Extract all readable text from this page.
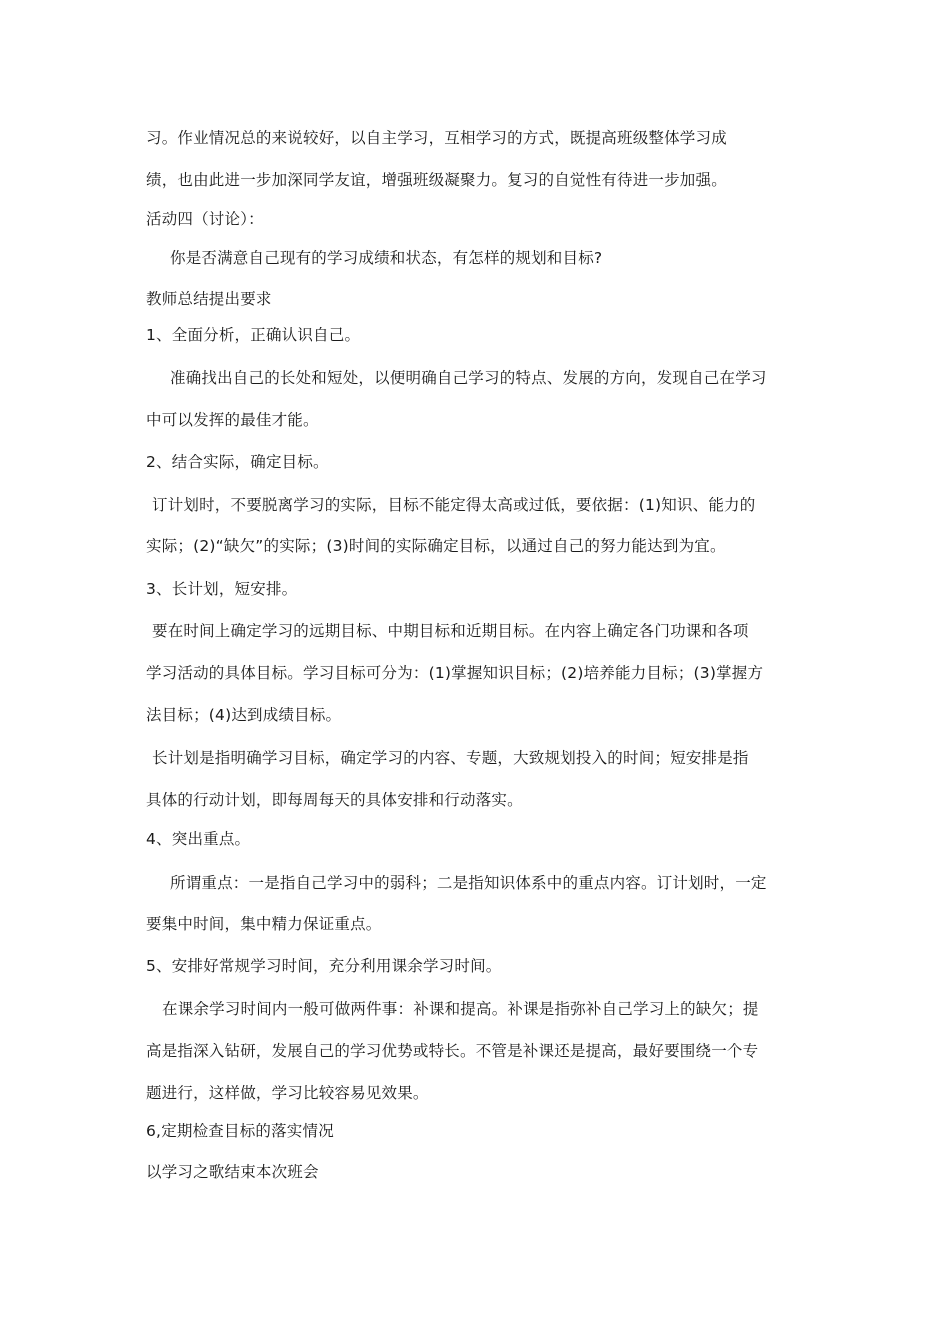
习。作业情况总的来说较好，以自主学习，互相学习的方式，既提高班级整体学习成
绩，也由此进一步加深同学友谊，增强班级凝聚力。复习的自觉性有待进一步加强。
活动四（讨论）：
你是否满意自己现有的学习成绩和状态，有怎样的规划和目标?
教师总结提出要求
1、全面分析，正确认识自己。
准确找出自己的长处和短处，以便明确自己学习的特点、发展的方向，发现自己在学习
中可以发挥的最佳才能。
2、结合实际，确定目标。
订计划时，不要脱离学习的实际，目标不能定得太高或过低，要依据：(1)知识、能力的
实际；(2)“缺欠”的实际；(3)时间的实际确定目标，以通过自己的努力能达到为宜。
3、长计划，短安排。
要在时间上确定学习的远期目标、中期目标和近期目标。在内容上确定各门功课和各项
学习活动的具体目标。学习目标可分为：(1)掌握知识目标；(2)培养能力目标；(3)掌握方
法目标；(4)达到成绩目标。
长计划是指明确学习目标，确定学习的内容、专题，大致规划投入的时间；短安排是指
具体的行动计划，即每周每天的具体安排和行动落实。
4、突出重点。
所谓重点：一是指自己学习中的弱科；二是指知识体系中的重点内容。订计划时，一定
要集中时间，集中精力保证重点。
5、安排好常规学习时间，充分利用课余学习时间。
在课余学习时间内一般可做两件事：补课和提高。补课是指弥补自己学习上的缺欠；提
高是指深入钻研，发展自己的学习优势或特长。不管是补课还是提高，最好要围绕一个专
题进行，这样做，学习比较容易见效果。
6,定期检查目标的落实情况
以学习之歌结束本次班会
